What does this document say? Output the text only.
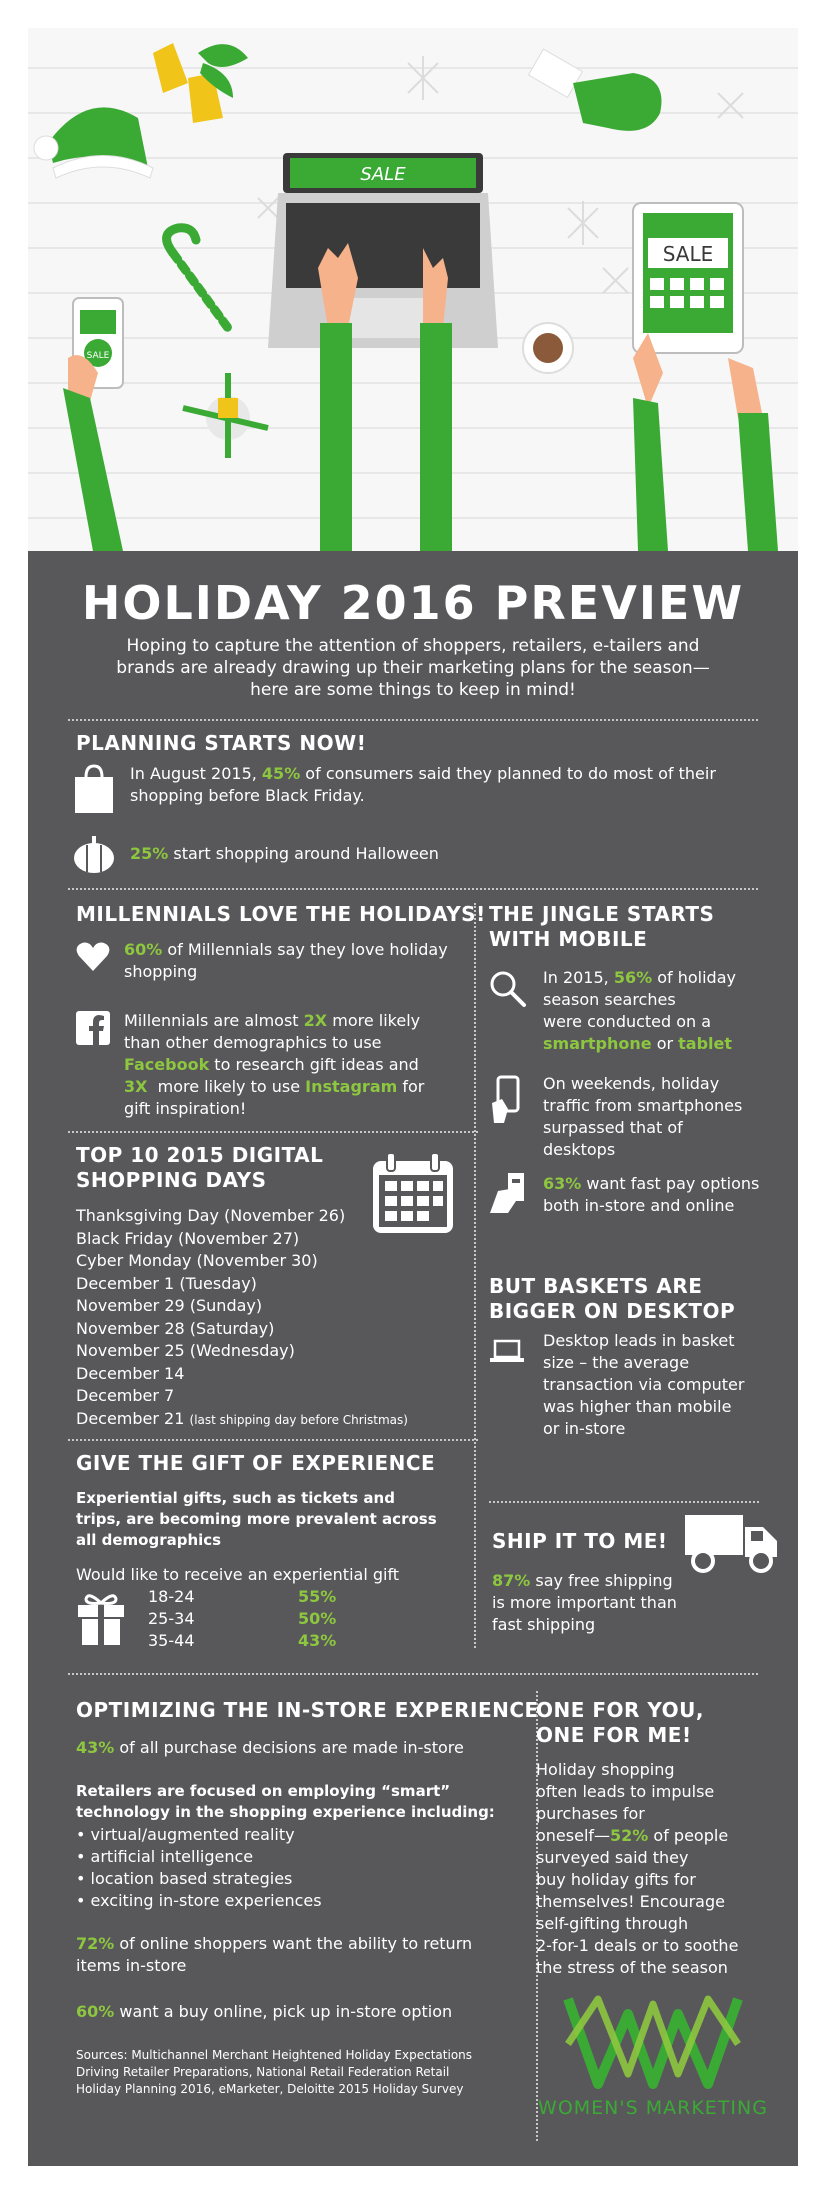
SALE
SALE
SALE
HOLIDAY 2016 PREVIEW
Hoping to capture the attention of shoppers, retailers, e-tailers and
brands are already drawing up their marketing plans for the season—
here are some things to keep in mind!
PLANNING STARTS NOW!
In August 2015, 45% of consumers said they planned to do most of their
shopping before Black Friday.
25% start shopping around Halloween
MILLENNIALS LOVE THE HOLIDAYS!
60% of Millennials say they love holiday
shopping
Millennials are almost 2X more likely
than other demographics to use
Facebook to research gift ideas and
3X  more likely to use Instagram for
gift inspiration!
TOP 10 2015 DIGITAL
SHOPPING DAYS
Thanksgiving Day (November 26)
Black Friday (November 27)
Cyber Monday (November 30)
December 1 (Tuesday)
November 29 (Sunday)
November 28 (Saturday)
November 25 (Wednesday)
December 14
December 7
December 21 (last shipping day before Christmas)
GIVE THE GIFT OF EXPERIENCE
Experiential gifts, such as tickets and
trips, are becoming more prevalent across
all demographics
Would like to receive an experiential gift
18-24	55%
25-34	50%
35-44	43%
THE JINGLE STARTS
WITH MOBILE
In 2015, 56% of holiday
season searches
were conducted on a
smartphone or tablet
On weekends, holiday
traffic from smartphones
surpassed that of
desktops
63% want fast pay options
both in-store and online
BUT BASKETS ARE
BIGGER ON DESKTOP
Desktop leads in basket
size – the average
transaction via computer
was higher than mobile
or in-store
SHIP IT TO ME!
87% say free shipping
is more important than
fast shipping
OPTIMIZING THE IN-STORE EXPERIENCE
43% of all purchase decisions are made in-store
Retailers are focused on employing “smart”
technology in the shopping experience including:
• virtual/augmented reality
• artificial intelligence
• location based strategies
• exciting in-store experiences
72% of online shoppers want the ability to return
items in-store
60% want a buy online, pick up in-store option
Sources: Multichannel Merchant Heightened Holiday Expectations
Driving Retailer Preparations, National Retail Federation Retail
Holiday Planning 2016, eMarketer, Deloitte 2015 Holiday Survey
ONE FOR YOU,
ONE FOR ME!
Holiday shopping
often leads to impulse
purchases for
oneself—52% of people
surveyed said they
buy holiday gifts for
themselves! Encourage
self-gifting through
2-for-1 deals or to soothe
the stress of the season
WOMEN'S MARKETING
